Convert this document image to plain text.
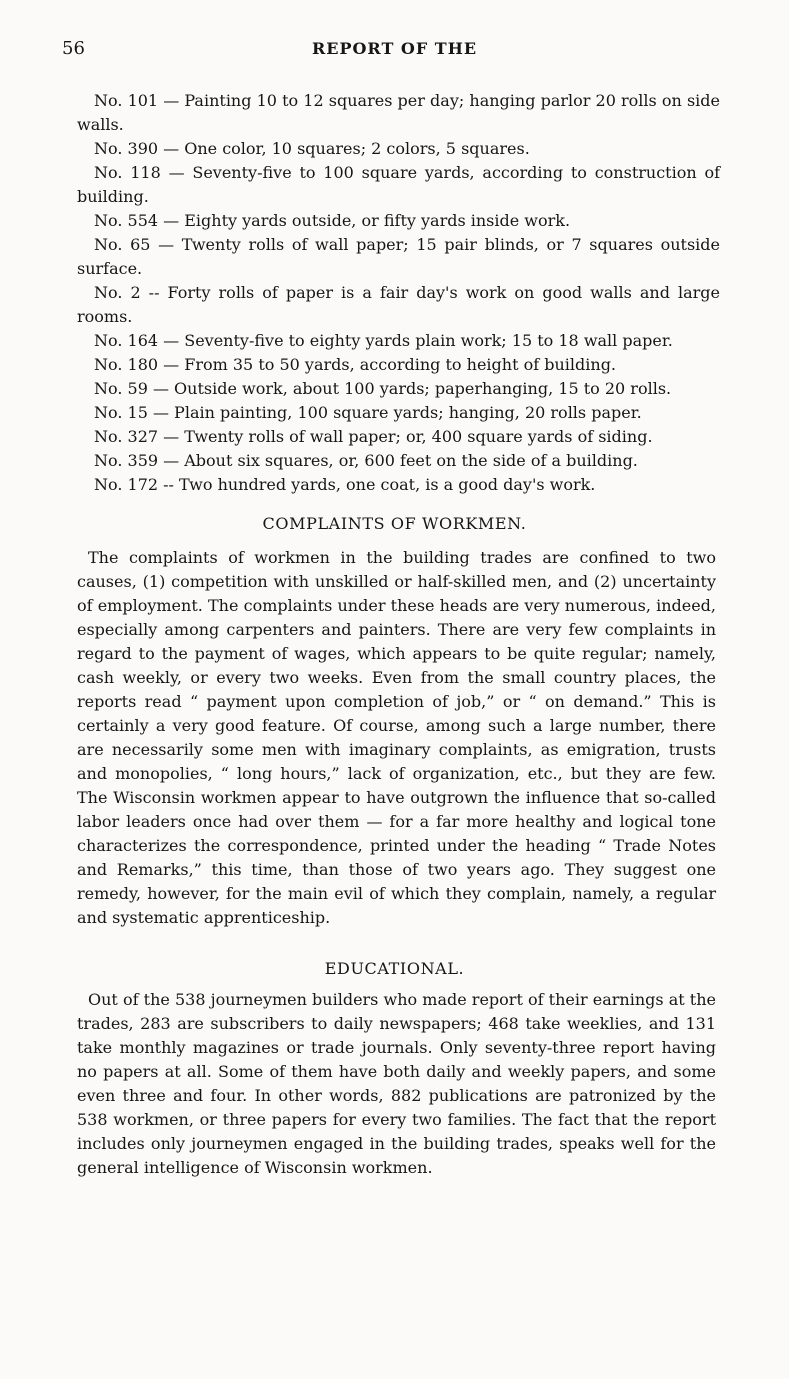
56	REPORT OF THE

No. 101 — Painting 10 to 12 squares per day; hanging parlor 20 rolls on side walls.

No. 390 — One color, 10 squares; 2 colors, 5 squares.

No. 118 — Seventy-five to 100 square yards, according to construction of building.

No. 554 — Eighty yards outside, or fifty yards inside work.

No. 65 — Twenty rolls of wall paper; 15 pair blinds, or 7 squares outside surface.

No. 2 -- Forty rolls of paper is a fair day's work on good walls and large rooms.

No. 164 — Seventy-five to eighty yards plain work; 15 to 18 wall paper.

No. 180 — From 35 to 50 yards, according to height of building.

No. 59 — Outside work, about 100 yards; paperhanging, 15 to 20 rolls.

No. 15 — Plain painting, 100 square yards; hanging, 20 rolls paper.

No. 327 — Twenty rolls of wall paper; or, 400 square yards of siding.

No. 359 — About six squares, or, 600 feet on the side of a building.

No. 172 -- Two hundred yards, one coat, is a good day's work.

COMPLAINTS OF WORKMEN.

The complaints of workmen in the building trades are confined to two causes, (1) competition with unskilled or half-skilled men, and (2) uncertainty of employment. The complaints under these heads are very numerous, indeed, especially among carpenters and painters. There are very few complaints in regard to the payment of wages, which appears to be quite regular; namely, cash weekly, or every two weeks. Even from the small country places, the reports read “ payment upon completion of job,” or “ on demand.” This is certainly a very good feature. Of course, among such a large number, there are necessarily some men with imaginary complaints, as emigration, trusts and monopolies, “ long hours,” lack of organization, etc., but they are few. The Wisconsin workmen appear to have outgrown the influence that so-called labor leaders once had over them — for a far more healthy and logical tone characterizes the correspondence, printed under the heading “ Trade Notes and Remarks,” this time, than those of two years ago. They suggest one remedy, however, for the main evil of which they complain, namely, a regular and systematic apprenticeship.

EDUCATIONAL.

Out of the 538 journeymen builders who made report of their earnings at the trades, 283 are subscribers to daily newspapers; 468 take weeklies, and 131 take monthly magazines or trade journals. Only seventy-three report having no papers at all. Some of them have both daily and weekly papers, and some even three and four. In other words, 882 publications are patronized by the 538 workmen, or three papers for every two families. The fact that the report includes only journeymen engaged in the building trades, speaks well for the general intelligence of Wisconsin workmen.
